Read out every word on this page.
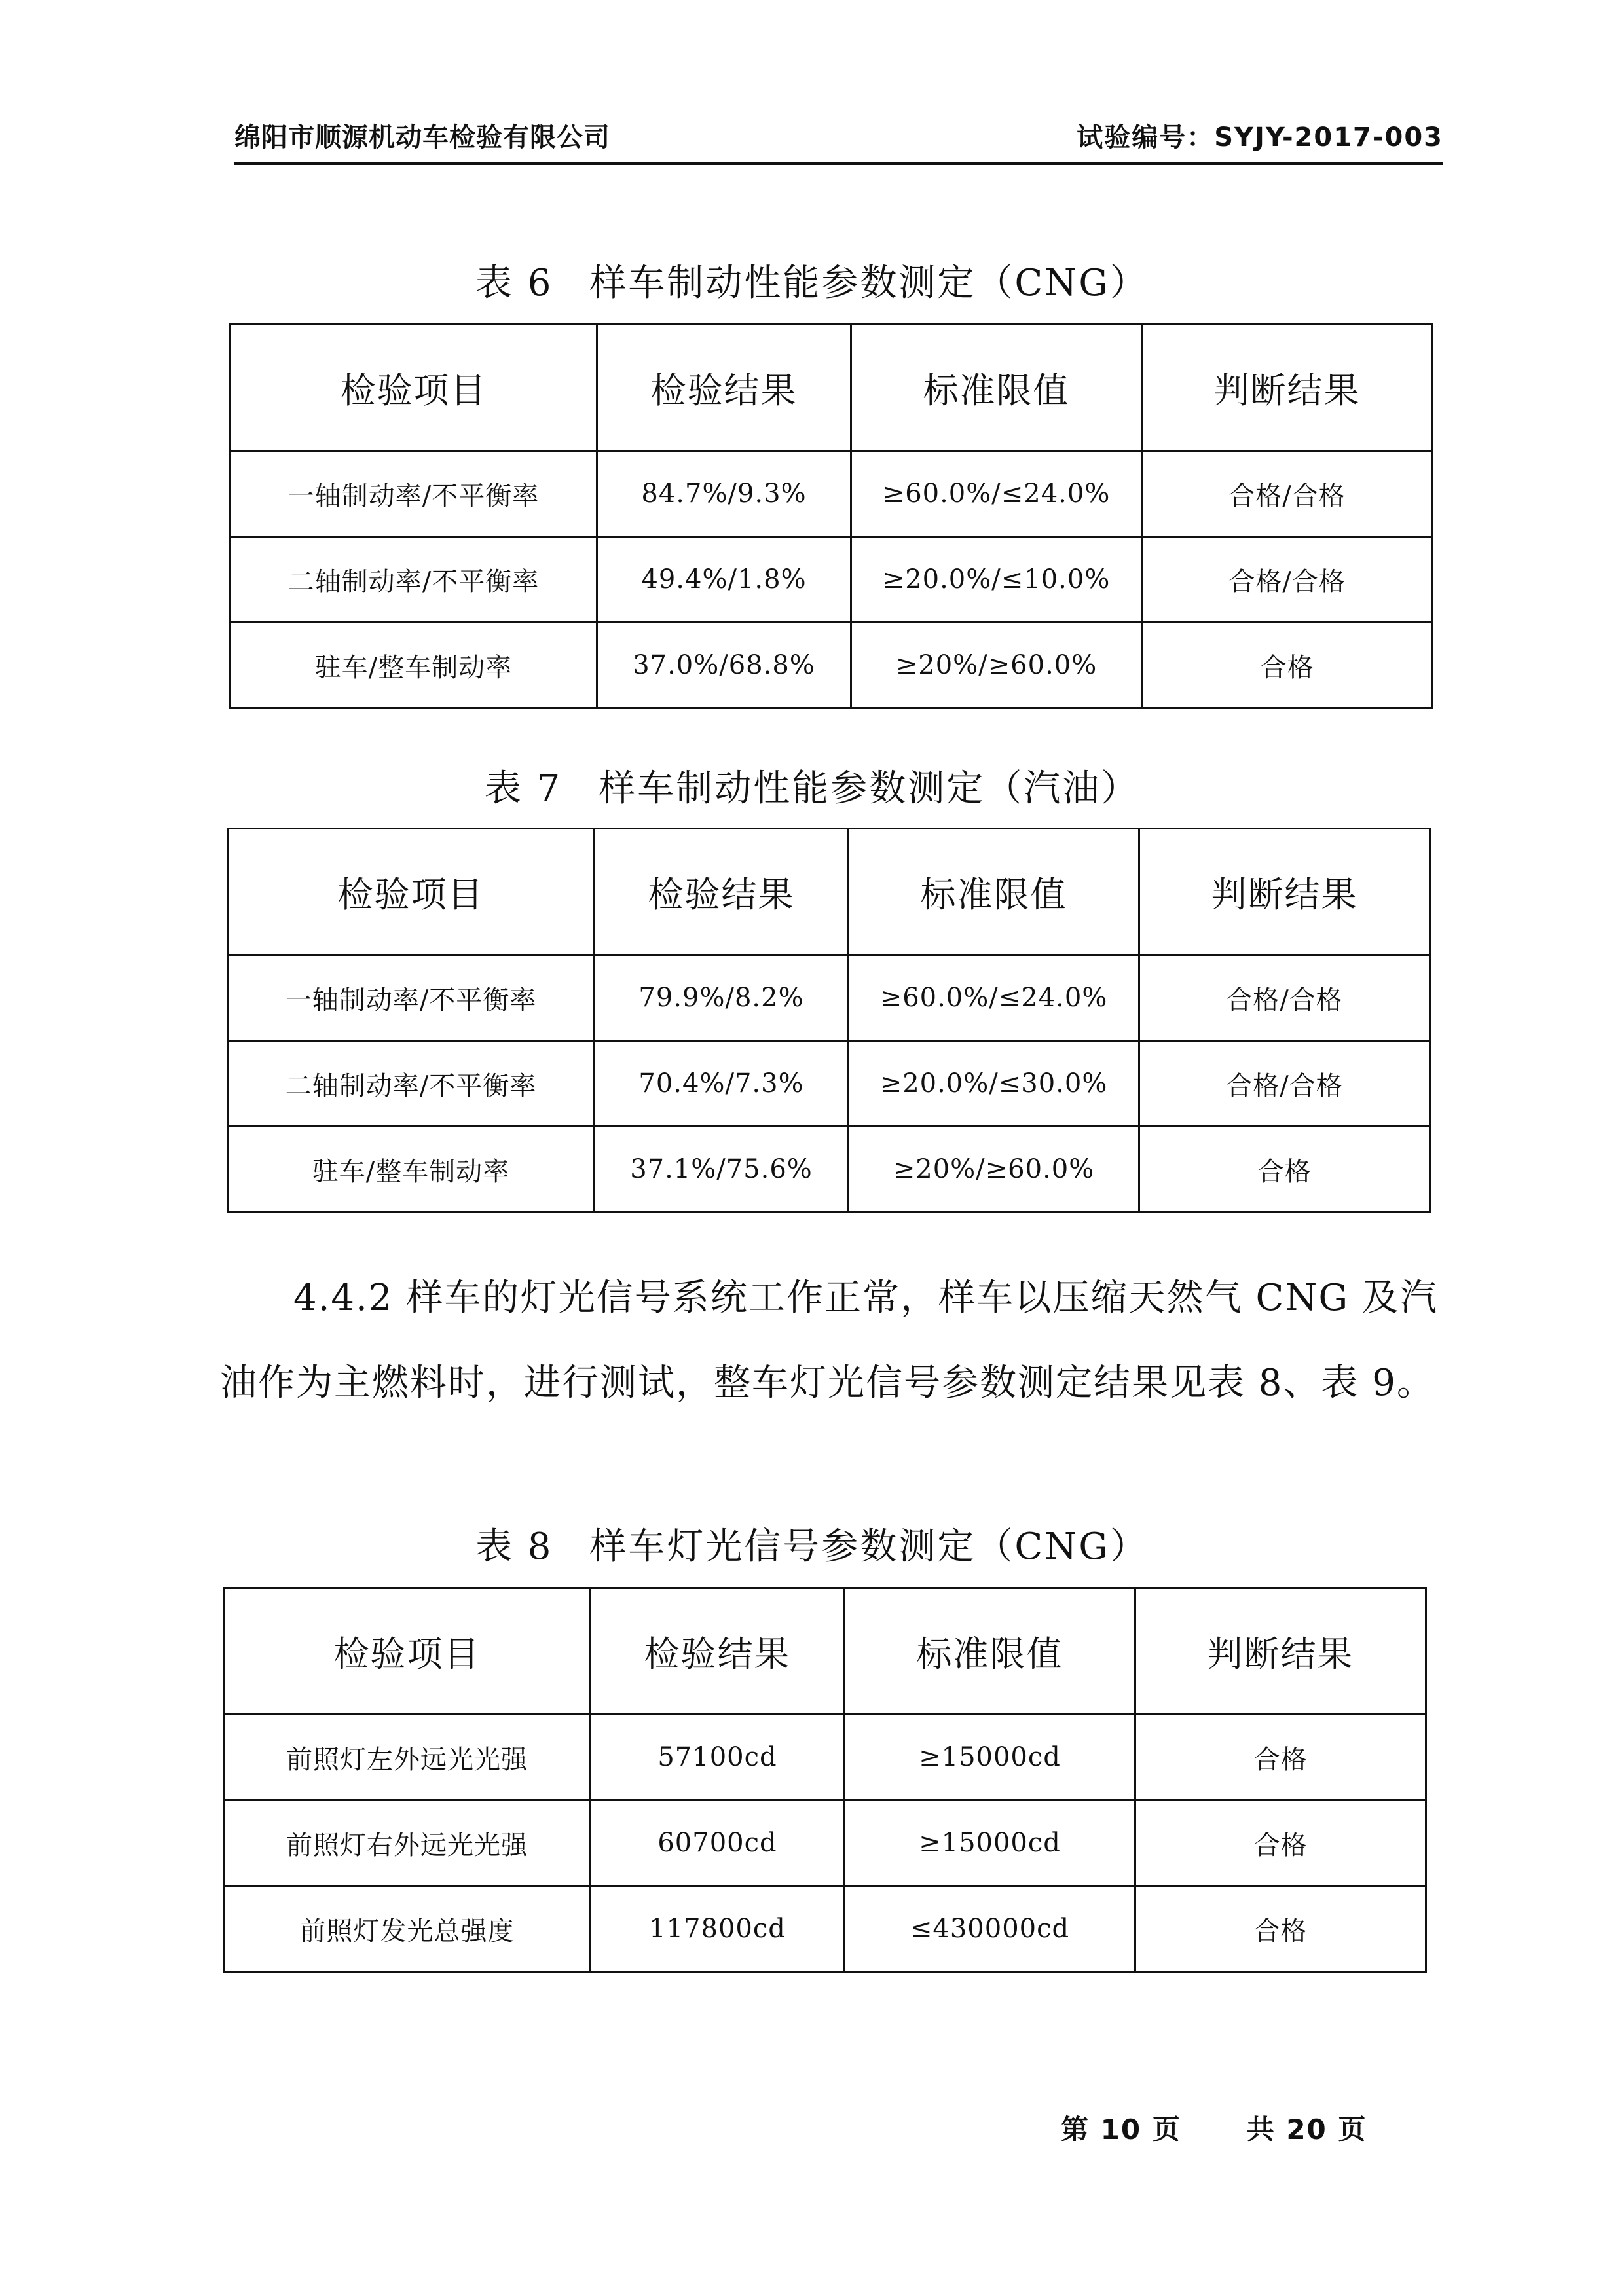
绵阳市顺源机动车检验有限公司	试验编号：SYJY-2017-003
表 6 样车制动性能参数测定（CNG）
检验项目	检验结果	标准限值	判断结果
一轴制动率/不平衡率	84.7%/9.3%	≥60.0%/≤24.0%	合格/合格
二轴制动率/不平衡率	49.4%/1.8%	≥20.0%/≤10.0%	合格/合格
驻车/整车制动率	37.0%/68.8%	≥20%/≥60.0%	合格
表 7 样车制动性能参数测定（汽油）
检验项目	检验结果	标准限值	判断结果
一轴制动率/不平衡率	79.9%/8.2%	≥60.0%/≤24.0%	合格/合格
二轴制动率/不平衡率	70.4%/7.3%	≥20.0%/≤30.0%	合格/合格
驻车/整车制动率	37.1%/75.6%	≥20%/≥60.0%	合格
4.4.2 样车的灯光信号系统工作正常，样车以压缩天然气 CNG 及汽油作为主燃料时，进行测试，整车灯光信号参数测定结果见表 8、表 9。
表 8 样车灯光信号参数测定（CNG）
检验项目	检验结果	标准限值	判断结果
前照灯左外远光光强	57100cd	≥15000cd	合格
前照灯右外远光光强	60700cd	≥15000cd	合格
前照灯发光总强度	117800cd	≤430000cd	合格
第 10 页 共 20 页
